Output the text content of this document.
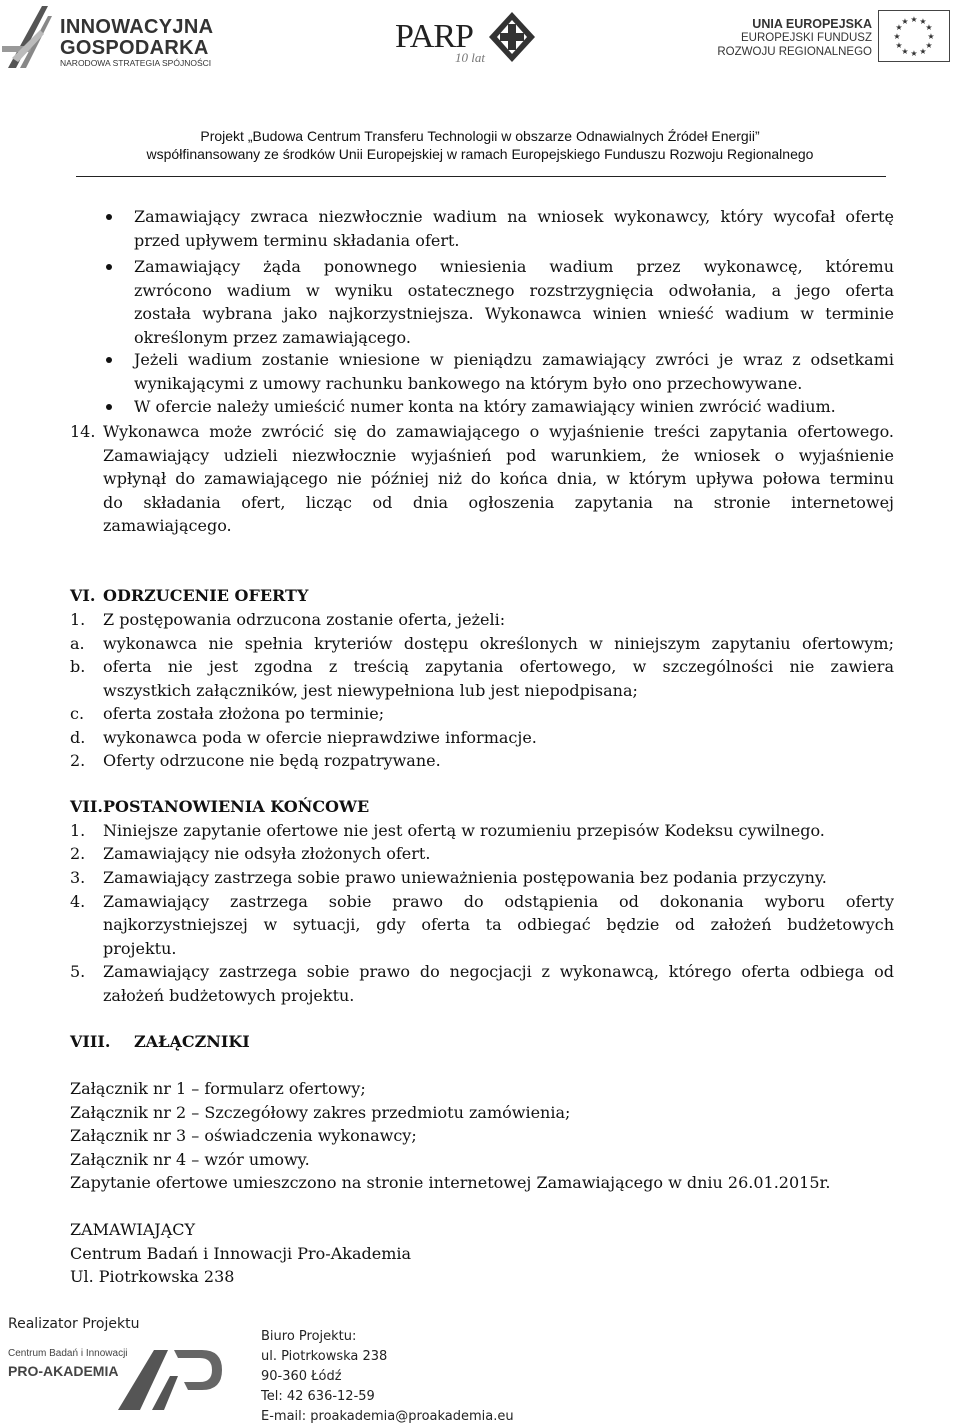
INNOWACYJNA
GOSPODARKA
NARODOWA STRATEGIA SPÓJNOŚCI
PARP
10 lat
UNIA EUROPEJSKA
EUROPEJSKI FUNDUSZ
ROZWOJU REGIONALNEGO
★ ★
★
★
★
★
★
★
★
★
★
★
Projekt „Budowa Centrum Transferu Technologii w obszarze Odnawialnych Źródeł Energii”
współfinansowany ze środków Unii Europejskiej w ramach Europejskiego Funduszu Rozwoju Regionalnego
Zamawiający zwraca niezwłocznie wadium na wniosek wykonawcy, który wycofał ofertę
przed upływem terminu składania ofert.
Zamawiający żąda ponownego wniesienia wadium przez wykonawcę, któremu
zwrócono wadium w wyniku ostatecznego rozstrzygnięcia odwołania, a jego oferta
została wybrana jako najkorzystniejsza. Wykonawca winien wnieść wadium w terminie
określonym przez zamawiającego.
Jeżeli wadium zostanie wniesione w pieniądzu zamawiający zwróci je wraz z odsetkami
wynikającymi z umowy rachunku bankowego na którym było ono przechowywane.
W ofercie należy umieścić numer konta na który zamawiający winien zwrócić wadium.
14. Wykonawca może zwrócić się do zamawiającego o wyjaśnienie treści zapytania ofertowego.
Zamawiający udzieli niezwłocznie wyjaśnień pod warunkiem, że wniosek o wyjaśnienie
wpłynął do zamawiającego nie później niż do końca dnia, w którym upływa połowa terminu
do składania ofert, licząc od dnia ogłoszenia zapytania na stronie internetowej
zamawiającego.
VI. ODRZUCENIE OFERTY
1. Z postępowania odrzucona zostanie oferta, jeżeli:
a. wykonawca nie spełnia kryteriów dostępu określonych w niniejszym zapytaniu ofertowym;
b. oferta nie jest zgodna z treścią zapytania ofertowego, w szczególności nie zawiera
wszystkich załączników, jest niewypełniona lub jest niepodpisana;
c. oferta została złożona po terminie;
d. wykonawca poda w ofercie nieprawdziwe informacje.
2. Oferty odrzucone nie będą rozpatrywane.
VII. POSTANOWIENIA KOŃCOWE
1. Niniejsze zapytanie ofertowe nie jest ofertą w rozumieniu przepisów Kodeksu cywilnego.
2. Zamawiający nie odsyła złożonych ofert.
3. Zamawiający zastrzega sobie prawo unieważnienia postępowania bez podania przyczyny.
4. Zamawiający zastrzega sobie prawo do odstąpienia od dokonania wyboru oferty
najkorzystniejszej w sytuacji, gdy oferta ta odbiegać będzie od założeń budżetowych
projektu.
5. Zamawiający zastrzega sobie prawo do negocjacji z wykonawcą, którego oferta odbiega od
założeń budżetowych projektu.
VIII. ZAŁĄCZNIKI
Załącznik nr 1 – formularz ofertowy;
Załącznik nr 2 – Szczegółowy zakres przedmiotu zamówienia;
Załącznik nr 3 – oświadczenia wykonawcy;
Załącznik nr 4 – wzór umowy.
Zapytanie ofertowe umieszczono na stronie internetowej Zamawiającego w dniu 26.01.2015r.
ZAMAWIAJĄCY
Centrum Badań i Innowacji Pro-Akademia
Ul. Piotrkowska 238
Realizator Projektu
Centrum Badań i Innowacji
PRO-AKADEMIA
Biuro Projektu:
ul. Piotrkowska 238
90-360 Łódź
Tel: 42 636-12-59
E-mail: proakademia@proakademia.eu
